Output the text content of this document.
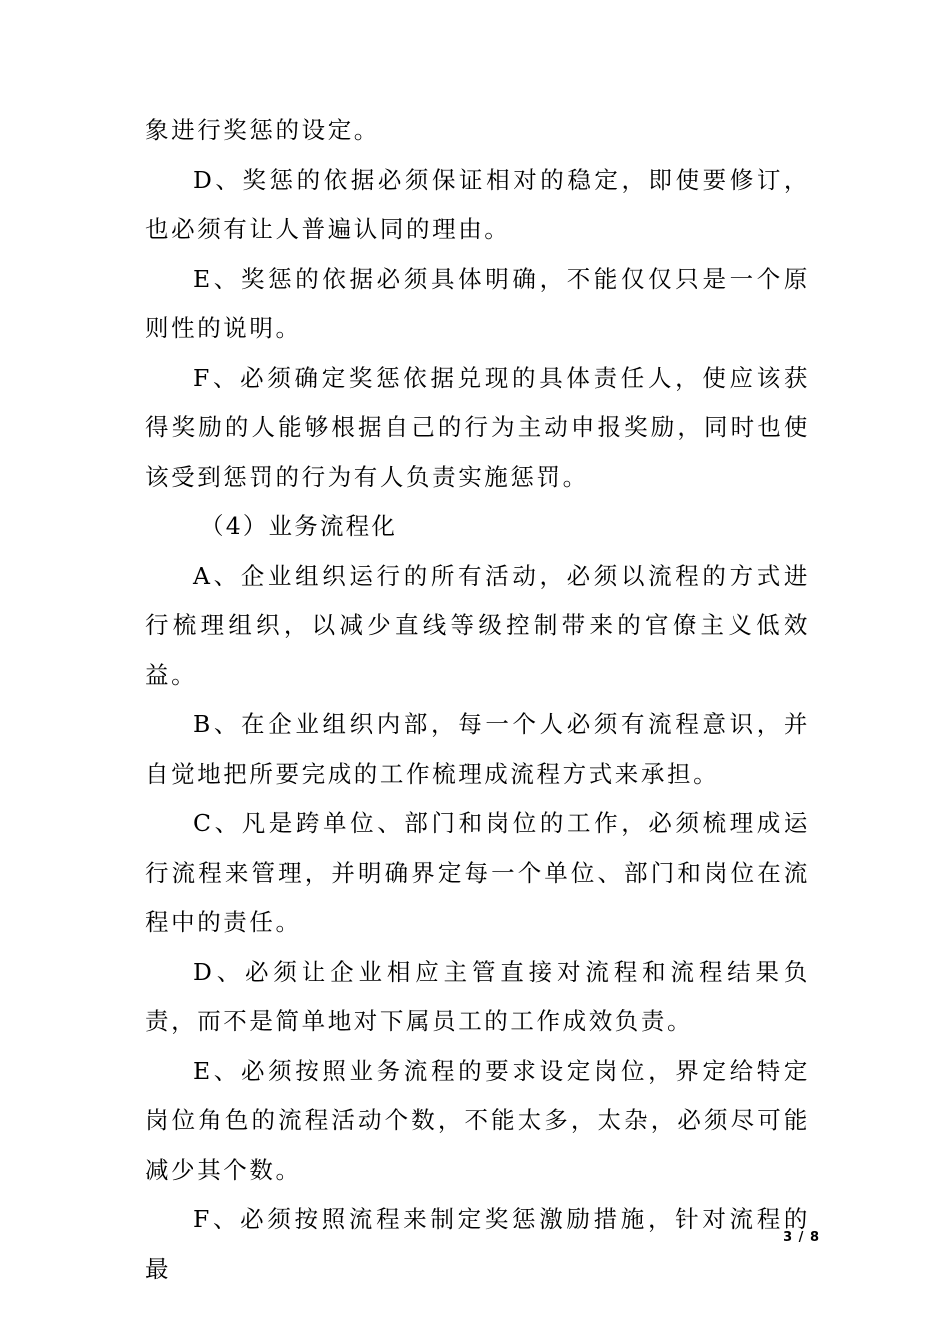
象进行奖惩的设定。

D、奖惩的依据必须保证相对的稳定，即使要修订，也必须有让人普遍认同的理由。

E、奖惩的依据必须具体明确，不能仅仅只是一个原则性的说明。

F、必须确定奖惩依据兑现的具体责任人，使应该获得奖励的人能够根据自己的行为主动申报奖励，同时也使该受到惩罚的行为有人负责实施惩罚。

（4）业务流程化

A、企业组织运行的所有活动，必须以流程的方式进行梳理组织，以减少直线等级控制带来的官僚主义低效益。

B、在企业组织内部，每一个人必须有流程意识，并自觉地把所要完成的工作梳理成流程方式来承担。

C、凡是跨单位、部门和岗位的工作，必须梳理成运行流程来管理，并明确界定每一个单位、部门和岗位在流程中的责任。

D、必须让企业相应主管直接对流程和流程结果负责，而不是简单地对下属员工的工作成效负责。

E、必须按照业务流程的要求设定岗位，界定给特定岗位角色的流程活动个数，不能太多，太杂，必须尽可能减少其个数。

F、必须按照流程来制定奖惩激励措施，针对流程的最

3 / 8
